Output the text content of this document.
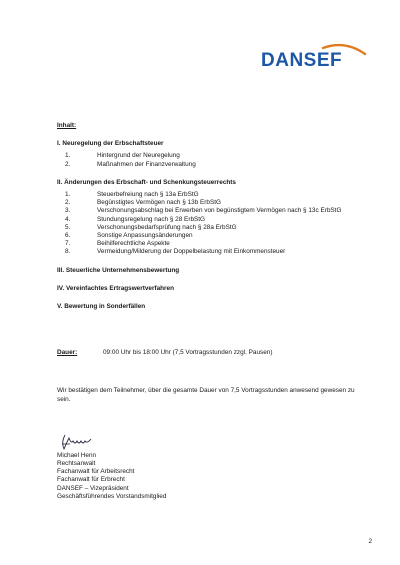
DANSEF
Inhalt:
I. Neuregelung der Erbschaftsteuer
1.	Hintergrund der Neuregelung
2.	Maßnahmen der Finanzverwaltung
II. Änderungen des Erbschaft- und Schenkungsteuerrechts
1.	Steuerbefreiung nach § 13a ErbStG
2.	Begünstigtes Vermögen nach § 13b ErbStG
3.	Verschonungsabschlag bei Erwerben von begünstigtem Vermögen nach § 13c ErbStG
4.	Stundungsregelung nach § 28 ErbStG
5.	Verschonungsbedarfsprüfung nach § 28a ErbStG
6.	Sonstige Anpassungsänderungen
7.	Beihilferechtliche Aspekte
8.	Vermeidung/Milderung der Doppelbelastung mit Einkommensteuer
III. Steuerliche Unternehmensbewertung
IV. Vereinfachtes Ertragswertverfahren
V. Bewertung in Sonderfällen
Dauer:	09:00 Uhr bis 18:00 Uhr (7,5 Vortragsstunden zzgl. Pausen)
Wir bestätigen dem Teilnehmer, über die gesamte Dauer von 7,5 Vortragsstunden anwesend gewesen zu sein.
Michael Henn
Rechtsanwalt
Fachanwalt für Arbeitsrecht
Fachanwalt für Erbrecht
DANSEF – Vizepräsident
Geschäftsführendes Vorstandsmitglied
2
